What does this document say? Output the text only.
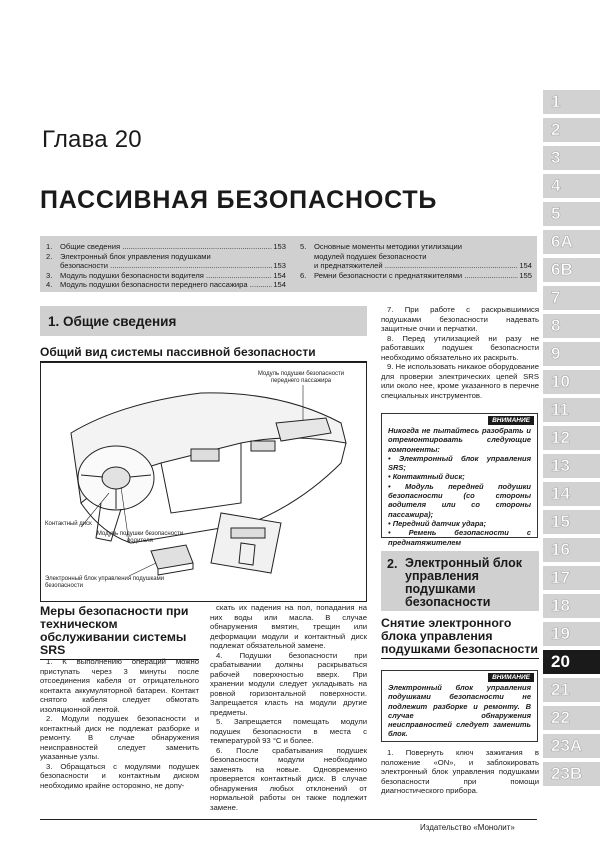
Глава 20
ПАССИВНАЯ БЕЗОПАСНОСТЬ
1.	Общие сведения .....	153
2.	Электронный блок управления подушками
безопасности .....	153
3.	Модуль подушки безопасности водителя .....	154
4.	Модуль подушки безопасности переднего пассажира .....	154
5.	Основные моменты методики утилизации
модулей подушек безопасности
и преднатяжителей .....	154
6.	Ремни безопасности с преднатяжителями .....	155
1. Общие сведения
Общий вид системы пассивной безопасности
Модуль подушки безопасности переднего пассажира
Контактный диск
Модуль подушки безопасности водителя
Электронный блок управления подушками безопасности
Меры безопасности при техническом обслуживании системы SRS

1. К выполнению операций можно приступать через 3 минуты после отсоединения кабеля от отрицательного контакта аккумуляторной батареи. Контакт снятого кабеля следует обмотать изоляционной лентой.

2. Модули подушек безопасности и контактный диск не подлежат разборке и ремонту. В случае обнаружения неисправностей следует заменить указанные узлы.

3. Обращаться с модулями подушек безопасности и контактным диском необходимо крайне осторожно, не допу-

скать их падения на пол, попадания на них воды или масла. В случае обнаружения вмятин, трещин или деформации модули и контактный диск подлежат обязательной замене.

4. Подушки безопасности при срабатывании должны раскрываться рабочей поверхностью вверх. При хранении модули следует укладывать на ровной горизонтальной поверхности. Запрещается класть на модули другие предметы.

5. Запрещается помещать модули подушек безопасности в места с температурой 93 °С и более.

6. После срабатывания подушек безопасности модули необходимо заменять на новые. Одновременно проверяется контактный диск. В случае обнаружения любых отклонений от нормальной работы он также подлежит замене.

7. При работе с раскрывшимися подушками безопасности надевать защитные очки и перчатки.

8. Перед утилизацией ни разу не работавших подушек безопасности необходимо обязательно их раскрыть.

9. Не использовать никакое оборудование для проверки электрических цепей SRS или около нее, кроме указанного в перечне специальных инструментов.

ВНИМАНИЕ

Никогда не пытайтесь разобрать и отремонтировать следующие компоненты:

• Электронный блок управления SRS;

• Контактный диск;

• Модуль передней подушки безопасности (со стороны водителя или со стороны пассажира);

• Передний датчик удара;

• Ремень безопасности с преднатяжителем

2. Электронный блок управления подушками безопасности
Снятие электронного блока управления подушками безопасности
ВНИМАНИЕ

Электронный блок управления подушками безопасности не подлежит разборке и ремонту. В случае обнаружения неисправностей следует заменить блок.

1. Повернуть ключ зажигания в положение «ON», и заблокировать электронный блок управления подушками безопасности при помощи диагностического прибора.

Издательство «Монолит»
1
2
3
4
5
6A
6B
7
8
9
10
11
12
13
14
15
16
17
18
19
20
21
22
23A
23B
